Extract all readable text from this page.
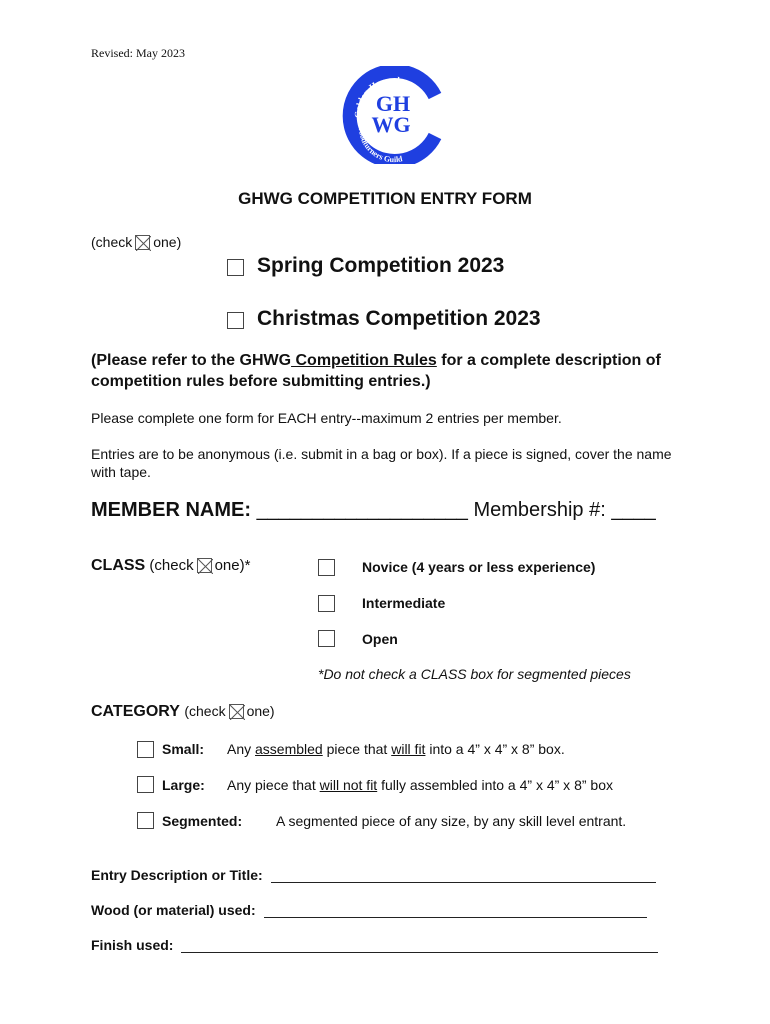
Revised: May 2023
Golden Horseshoe
Woodturners Guild
GH
WG
GHWG COMPETITION ENTRY FORM
(check one)
Spring Competition 2023
Christmas Competition 2023
(Please refer to the GHWG Competition Rules for a complete description of competition rules before submitting entries.)
Please complete one form for EACH entry--maximum 2 entries per member.
Entries are to be anonymous (i.e. submit in a bag or box). If a piece is signed, cover the name with tape.
MEMBER NAME: ___________________ Membership #: ____
CLASS (check one)*	Novice (4 years or less experience)
Intermediate
Open
*Do not check a CLASS box for segmented pieces
CATEGORY (check one)
Small: Any assembled piece that will fit into a 4” x 4” x 8” box.
Large: Any piece that will not fit fully assembled into a 4” x 4” x 8” box
Segmented: A segmented piece of any size, by any skill level entrant.
Entry Description or Title:
Wood (or material) used:
Finish used:
